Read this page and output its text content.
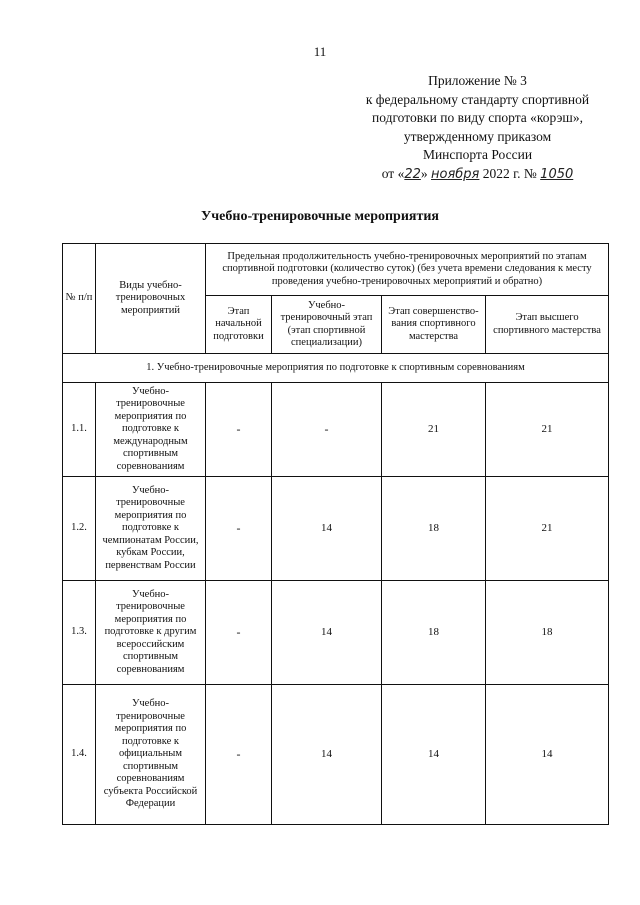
11
Приложение № 3
к федеральному стандарту спортивной
подготовки по виду спорта «корэш»,
утвержденному приказом
Минспорта России
от «22» ноября 2022 г. № 1050
Учебно-тренировочные мероприятия
№ п/п	Виды учебно-тренировочных мероприятий	Предельная продолжительность учебно-тренировочных мероприятий по этапам спортивной подготовки (количество суток) (без учета времени следования к месту проведения учебно-тренировочных мероприятий и обратно)			
		Этап начальной подготовки	Учебно-тренировочный этап (этап спортивной специализации)	Этап совершенство-вания спортивного мастерства	Этап высшего спортивного мастерства
1. Учебно-тренировочные мероприятия по подготовке к спортивным соревнованиям					
1.1.	Учебно-тренировочные мероприятия по подготовке к международным спортивным соревнованиям	-	-	21	21
1.2.	Учебно-тренировочные мероприятия по подготовке к чемпионатам России, кубкам России, первенствам России	-	14	18	21
1.3.	Учебно-тренировочные мероприятия по подготовке к другим всероссийским спортивным соревнованиям	-	14	18	18
1.4.	Учебно-тренировочные мероприятия по подготовке к официальным спортивным соревнованиям субъекта Российской Федерации	-	14	14	14
